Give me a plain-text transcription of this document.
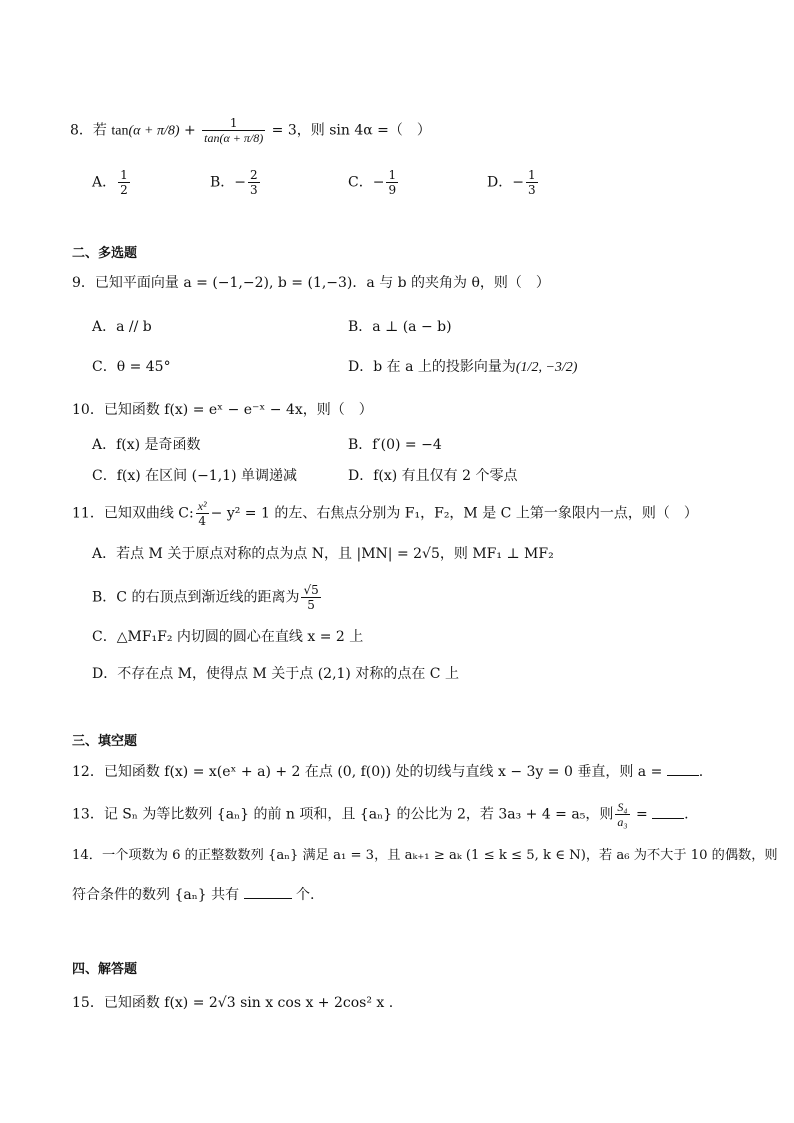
8．若 $\tan(\alpha + \pi/8) + \frac{1}{\tan(\alpha + \pi/8)} = 3$，则 sin 4α =（　）
A． $\frac{1}{2}$	B．− $\frac{2}{3}$	C．− $\frac{1}{9}$	D．− $\frac{1}{3}$
二、多选题
9．已知平面向量 a = (−1,−2), b = (1,−3)．a 与 b 的夹角为 θ，则（　）
A．a // b	B．a ⊥ (a − b)
C．θ = 45°	D．b 在 a 上的投影向量为(1/2, −3/2)
10．已知函数 f(x) = eˣ − e⁻ˣ − 4x，则（　）
A．f(x) 是奇函数	B．f′(0) = −4
C．f(x) 在区间 (−1,1) 单调递减	D．f(x) 有且仅有 2 个零点
11．已知双曲线 C: $\frac{\text{x²}}{4} - y^2 = 1$ 的左、右焦点分别为 F₁，F₂，M 是 C 上第一象限内一点，则（　）
A．若点 M 关于原点对称的点为点 N，且 |MN| = 2√5，则 MF₁ ⊥ MF₂
B．C 的右顶点到渐近线的距离为 $\frac{√5}{5}$
C．△MF₁F₂ 内切圆的圆心在直线 x = 2 上
D．不存在点 M，使得点 M 关于点 (2,1) 对称的点在 C 上
三、填空题
12．已知函数 f(x) = x(eˣ + a) + 2 在点 (0, f(0)) 处的切线与直线 x − 3y = 0 垂直，则 a =	.
13．记 Sₙ 为等比数列 {aₙ} 的前 n 项和，且 {aₙ} 的公比为 2，若 3a₃ + 4 = a₅，则 $\frac{\text{S₄}}{\text{a₃}}$ =	.
14．一个项数为 6 的正整数数列 {aₙ} 满足 a₁ = 3，且 aₖ₊₁ ≥ aₖ (1 ≤ k ≤ 5, k ∈ N)，若 a₆ 为不大于 10 的偶数，则
符合条件的数列 {aₙ} 共有	个.
四、解答题
15．已知函数 f(x) = 2√3 sin x cos x + 2cos² x .
